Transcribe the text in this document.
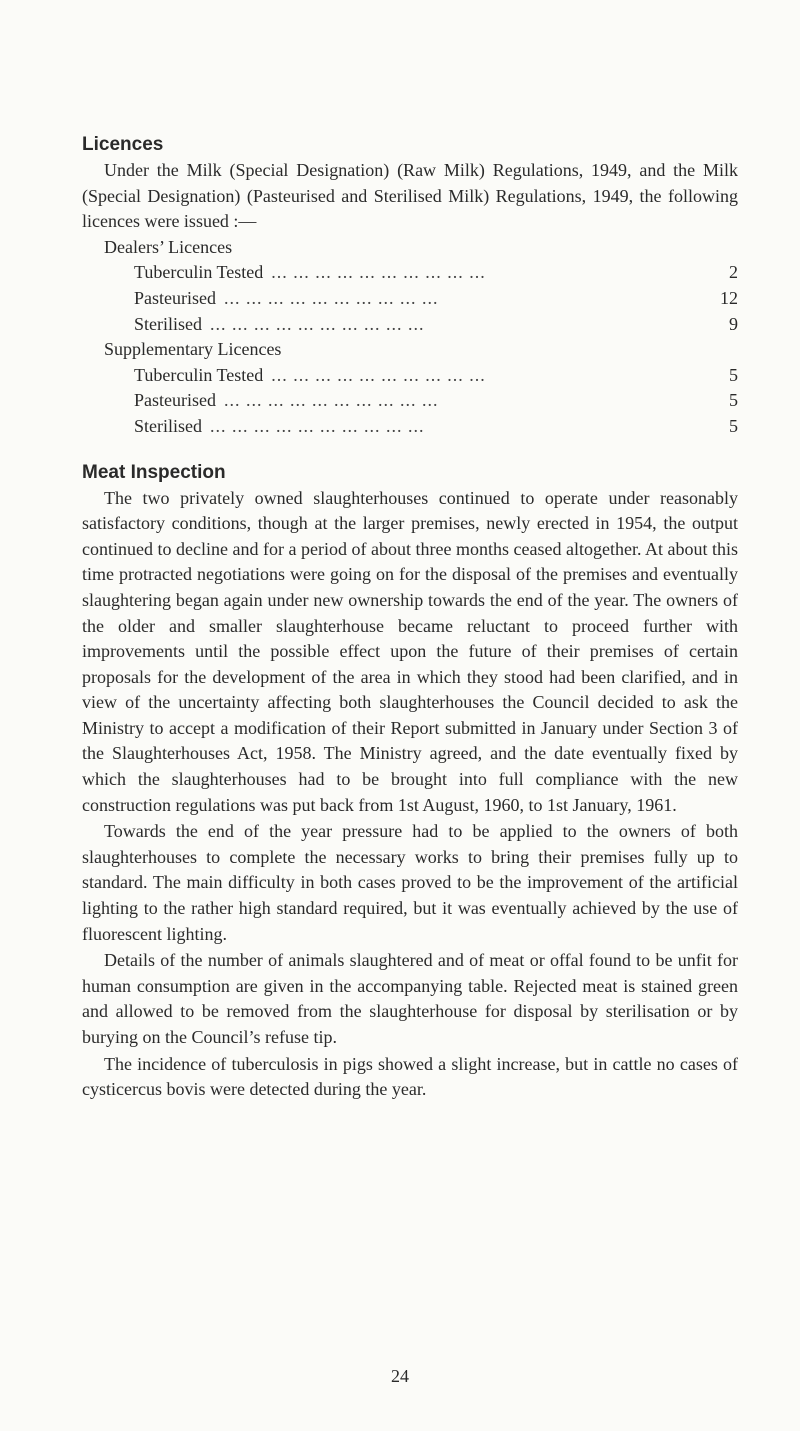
Licences

Under the Milk (Special Designation) (Raw Milk) Regulations, 1949, and the Milk (Special Designation) (Pasteurised and Sterilised Milk) Regulations, 1949, the following licences were issued :—

Dealers’ Licences
Tuberculin Tested ... ... ... ... ... ... ... ... ... ...	2
Pasteurised ... ... ... ... ... ... ... ... ... ...	12
Sterilised ... ... ... ... ... ... ... ... ... ...	9
Supplementary Licences
Tuberculin Tested ... ... ... ... ... ... ... ... ... ...	5
Pasteurised ... ... ... ... ... ... ... ... ... ...	5
Sterilised ... ... ... ... ... ... ... ... ... ...	5
Meat Inspection

The two privately owned slaughterhouses continued to operate under reasonably satisfactory conditions, though at the larger premises, newly erected in 1954, the output continued to decline and for a period of about three months ceased altogether. At about this time protracted negotiations were going on for the disposal of the premises and eventually slaughtering began again under new ownership towards the end of the year. The owners of the older and smaller slaughterhouse became reluctant to proceed further with improvements until the possible effect upon the future of their premises of certain proposals for the development of the area in which they stood had been clarified, and in view of the uncertainty affecting both slaughterhouses the Council decided to ask the Ministry to accept a modification of their Report submitted in January under Section 3 of the Slaughterhouses Act, 1958. The Ministry agreed, and the date eventually fixed by which the slaughterhouses had to be brought into full compliance with the new construction regulations was put back from 1st August, 1960, to 1st January, 1961.

Towards the end of the year pressure had to be applied to the owners of both slaughterhouses to complete the necessary works to bring their premises fully up to standard. The main difficulty in both cases proved to be the improvement of the artificial lighting to the rather high standard required, but it was eventually achieved by the use of fluorescent lighting.

Details of the number of animals slaughtered and of meat or offal found to be unfit for human consumption are given in the accompanying table. Rejected meat is stained green and allowed to be removed from the slaughterhouse for disposal by sterilisation or by burying on the Council’s refuse tip.

The incidence of tuberculosis in pigs showed a slight increase, but in cattle no cases of cysticercus bovis were detected during the year.

24
